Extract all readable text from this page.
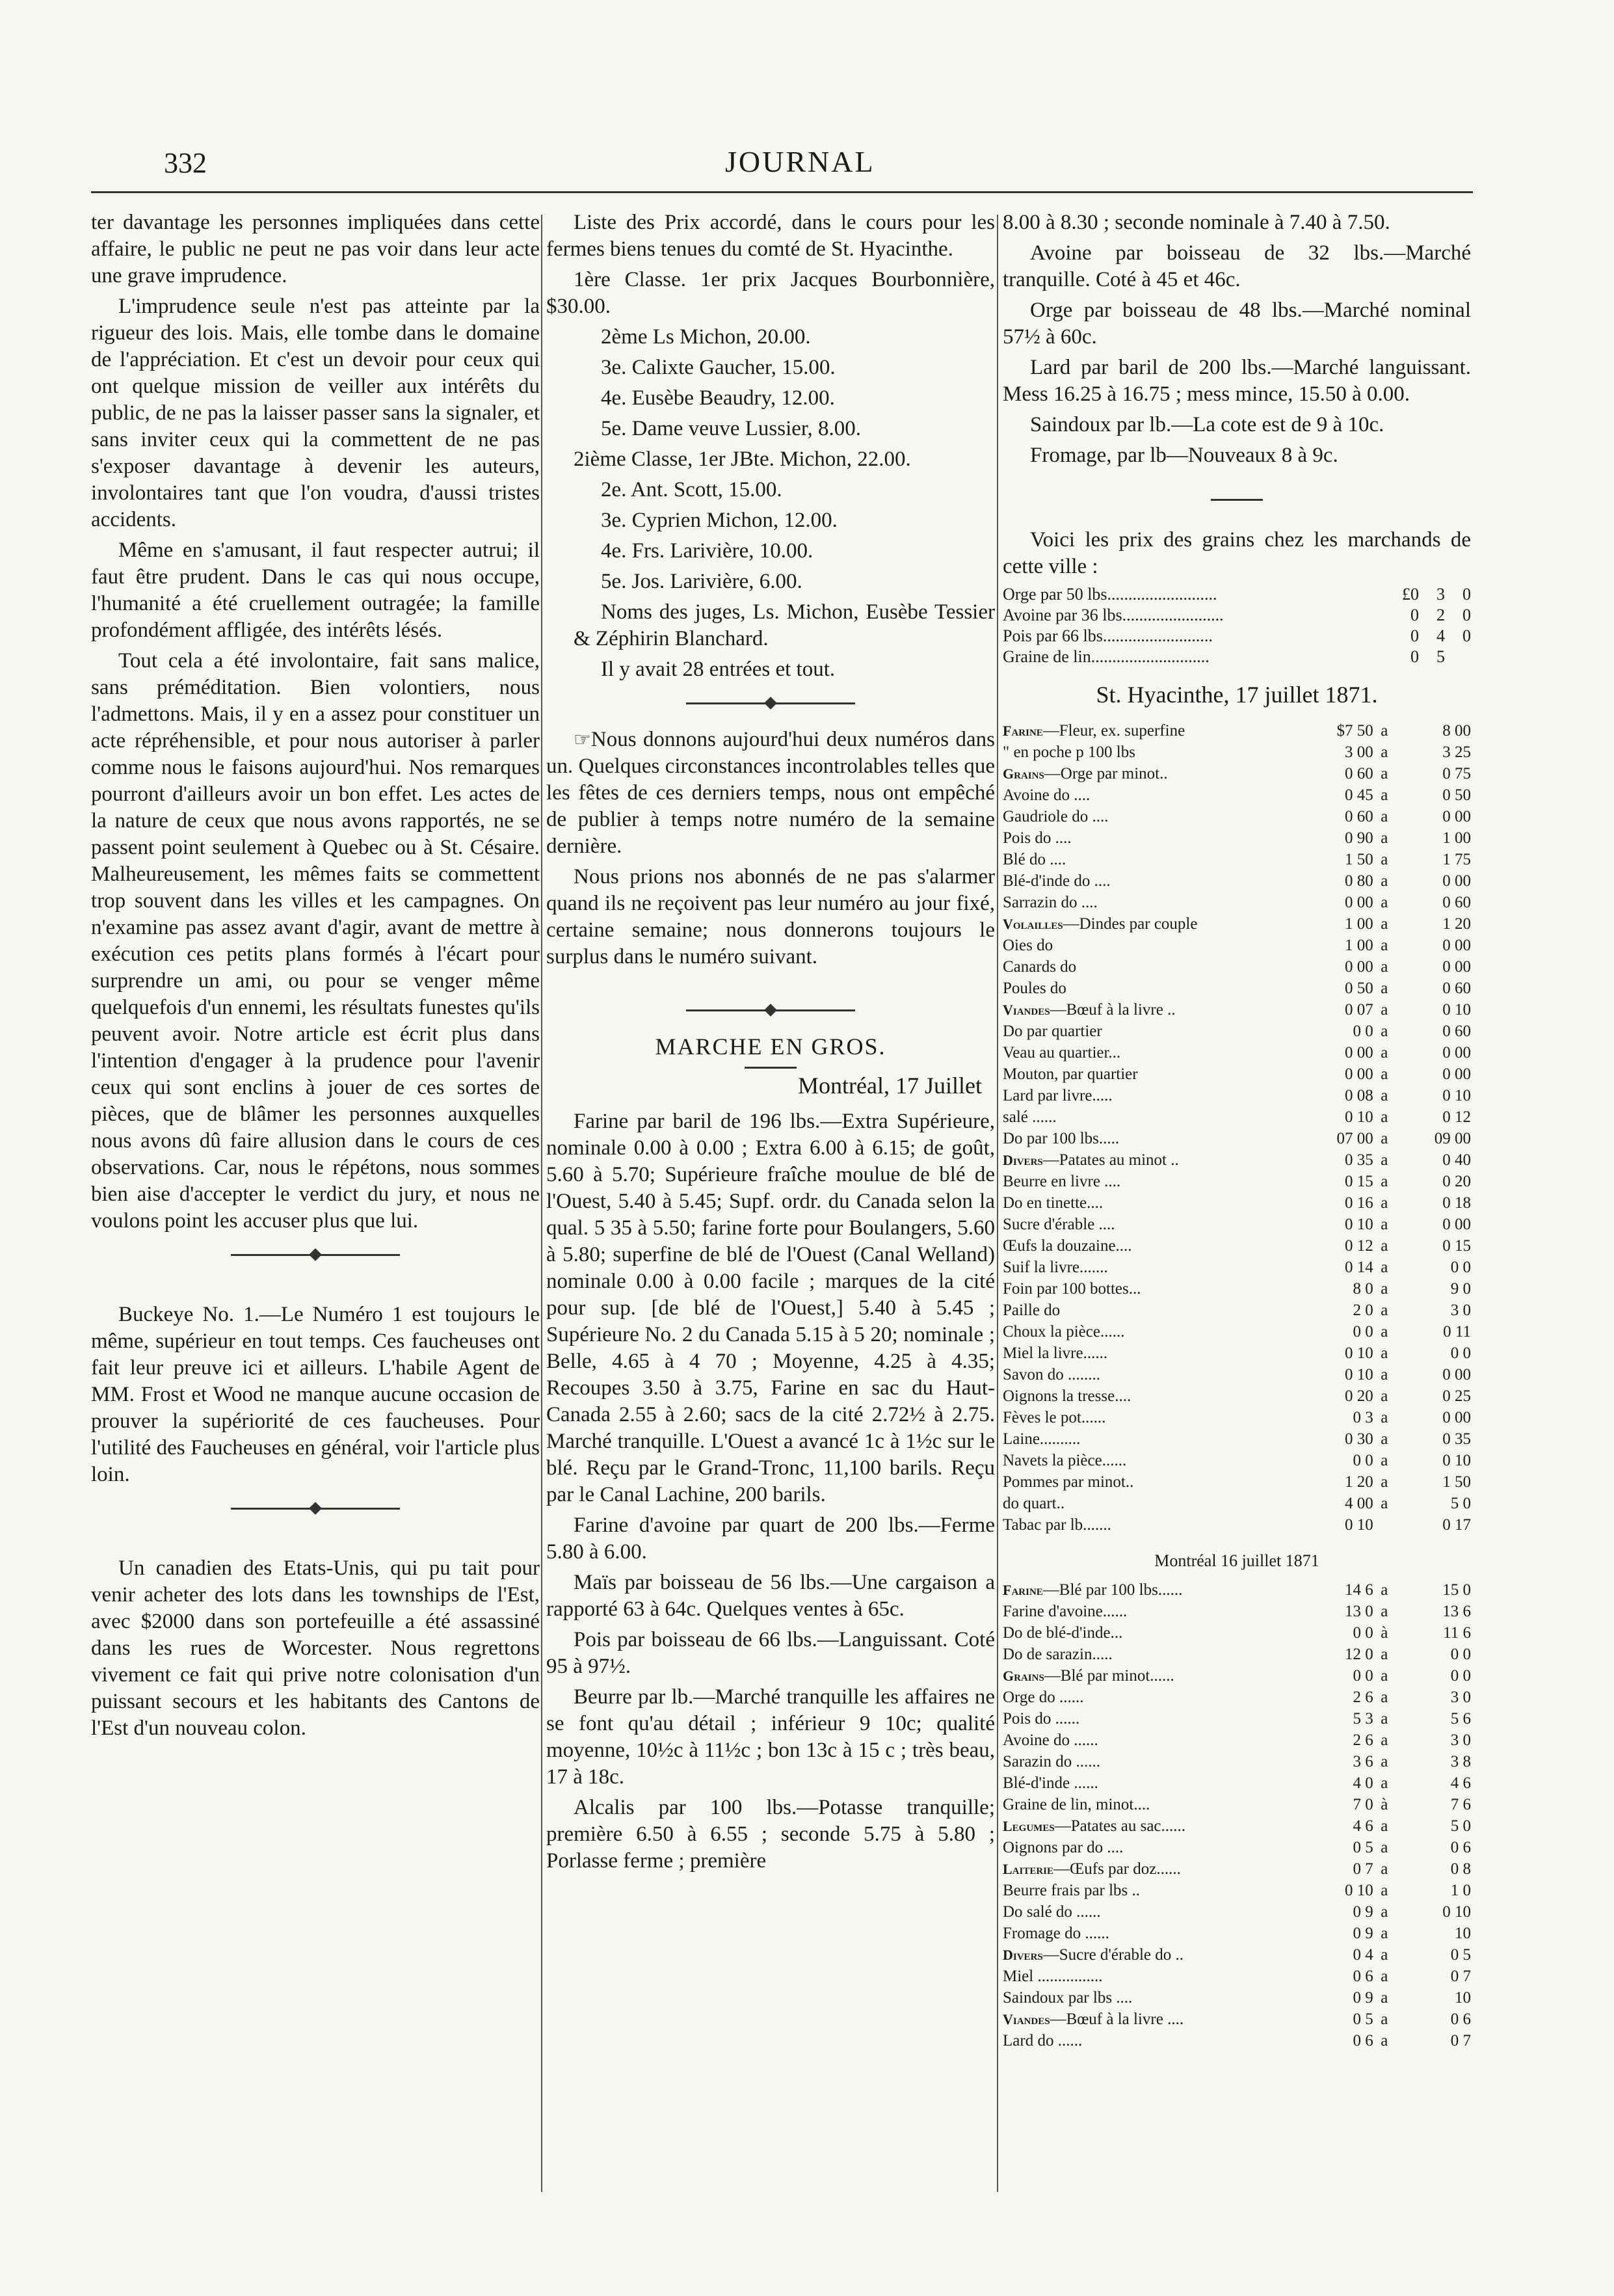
332	JOURNAL

ter davantage les personnes impliquées dans cette affaire, le public ne peut ne pas voir dans leur acte une grave imprudence.

L'imprudence seule n'est pas atteinte par la rigueur des lois. Mais, elle tombe dans le domaine de l'appréciation. Et c'est un devoir pour ceux qui ont quelque mission de veiller aux intérêts du public, de ne pas la laisser passer sans la signaler, et sans inviter ceux qui la commettent de ne pas s'exposer davantage à devenir les auteurs, involontaires tant que l'on voudra, d'aussi tristes accidents.

Même en s'amusant, il faut respecter autrui; il faut être prudent. Dans le cas qui nous occupe, l'humanité a été cruellement outragée; la famille profondément affligée, des intérêts lésés.

Tout cela a été involontaire, fait sans malice, sans préméditation. Bien volontiers, nous l'admettons. Mais, il y en a assez pour constituer un acte répréhensible, et pour nous autoriser à parler comme nous le faisons aujourd'hui. Nos remarques pourront d'ailleurs avoir un bon effet. Les actes de la nature de ceux que nous avons rapportés, ne se passent point seulement à Quebec ou à St. Césaire. Malheureusement, les mêmes faits se commettent trop souvent dans les villes et les campagnes. On n'examine pas assez avant d'agir, avant de mettre à exécution ces petits plans formés à l'écart pour surprendre un ami, ou pour se venger même quelquefois d'un ennemi, les résultats funestes qu'ils peuvent avoir. Notre article est écrit plus dans l'intention d'engager à la prudence pour l'avenir ceux qui sont enclins à jouer de ces sortes de pièces, que de blâmer les personnes auxquelles nous avons dû faire allusion dans le cours de ces observations. Car, nous le répétons, nous sommes bien aise d'accepter le verdict du jury, et nous ne voulons point les accuser plus que lui.

Buckeye No. 1.—Le Numéro 1 est toujours le même, supérieur en tout temps. Ces faucheuses ont fait leur preuve ici et ailleurs. L'habile Agent de MM. Frost et Wood ne manque aucune occasion de prouver la supériorité de ces faucheuses. Pour l'utilité des Faucheuses en général, voir l'article plus loin.

Un canadien des Etats-Unis, qui pu tait pour venir acheter des lots dans les townships de l'Est, avec $2000 dans son portefeuille a été assassiné dans les rues de Worcester. Nous regrettons vivement ce fait qui prive notre colonisation d'un puissant secours et les habitants des Cantons de l'Est d'un nouveau colon.

Liste des Prix accordé, dans le cours pour les fermes biens tenues du comté de St. Hyacinthe.

1ère Classe. 1er prix Jacques Bourbonnière, $30.00.

2ème Ls Michon, 20.00.

3e. Calixte Gaucher, 15.00.

4e. Eusèbe Beaudry, 12.00.

5e. Dame veuve Lussier, 8.00.

2ième Classe, 1er JBte. Michon, 22.00.

2e. Ant. Scott, 15.00.

3e. Cyprien Michon, 12.00.

4e. Frs. Larivière, 10.00.

5e. Jos. Larivière, 6.00.

Noms des juges, Ls. Michon, Eusèbe Tessier & Zéphirin Blanchard.

Il y avait 28 entrées et tout.

☞Nous donnons aujourd'hui deux numéros dans un. Quelques circonstances incontrolables telles que les fêtes de ces derniers temps, nous ont empêché de publier à temps notre numéro de la semaine dernière.

Nous prions nos abonnés de ne pas s'alarmer quand ils ne reçoivent pas leur numéro au jour fixé, certaine semaine; nous donnerons toujours le surplus dans le numéro suivant.

MARCHE EN GROS.
Montréal, 17 Juillet

Farine par baril de 196 lbs.—Extra Supérieure, nominale 0.00 à 0.00 ; Extra 6.00 à 6.15; de goût, 5.60 à 5.70; Supérieure fraîche moulue de blé de l'Ouest, 5.40 à 5.45; Supf. ordr. du Canada selon la qual. 5 35 à 5.50; farine forte pour Boulangers, 5.60 à 5.80; superfine de blé de l'Ouest (Canal Welland) nominale 0.00 à 0.00 facile ; marques de la cité pour sup. [de blé de l'Ouest,] 5.40 à 5.45 ; Supérieure No. 2 du Canada 5.15 à 5 20; nominale ; Belle, 4.65 à 4 70 ; Moyenne, 4.25 à 4.35; Recoupes 3.50 à 3.75, Farine en sac du Haut-Canada 2.55 à 2.60; sacs de la cité 2.72½ à 2.75. Marché tranquille. L'Ouest a avancé 1c à 1½c sur le blé. Reçu par le Grand-Tronc, 11,100 barils. Reçu par le Canal Lachine, 200 barils.

Farine d'avoine par quart de 200 lbs.—Ferme 5.80 à 6.00.

Maïs par boisseau de 56 lbs.—Une cargaison a rapporté 63 à 64c. Quelques ventes à 65c.

Pois par boisseau de 66 lbs.—Languissant. Coté 95 à 97½.

Beurre par lb.—Marché tranquille les affaires ne se font qu'au détail ; inférieur 9 10c; qualité moyenne, 10½c à 11½c ; bon 13c à 15 c ; très beau, 17 à 18c.

Alcalis par 100 lbs.—Potasse tranquille; première 6.50 à 6.55 ; seconde 5.75 à 5.80 ; Porlasse ferme ; première

8.00 à 8.30 ; seconde nominale à 7.40 à 7.50.

Avoine par boisseau de 32 lbs.—Marché tranquille. Coté à 45 et 46c.

Orge par boisseau de 48 lbs.—Marché nominal 57½ à 60c.

Lard par baril de 200 lbs.—Marché languissant. Mess 16.25 à 16.75 ; mess mince, 15.50 à 0.00.

Saindoux par lb.—La cote est de 9 à 10c.

Fromage, par lb—Nouveaux 8 à 9c.

Voici les prix des grains chez les marchands de cette ville :

Orge par 50 lbs..........................	£0	3	0
Avoine par 36 lbs........................	0	2	0
Pois par 66 lbs..........................	0	4	0
Graine de lin............................	0	5	
St. Hyacinthe, 17 juillet 1871.
Farine—Fleur, ex. superfine	$7 50	a	8 00
" en poche p 100 lbs	3 00	a	3 25
Grains—Orge par minot..	0 60	a	0 75
Avoine do ....	0 45	a	0 50
Gaudriole do ....	0 60	a	0 00
Pois do ....	0 90	a	1 00
Blé do ....	1 50	a	1 75
Blé-d'inde do ....	0 80	a	0 00
Sarrazin do ....	0 00	a	0 60
Volailles—Dindes par couple	1 00	a	1 20
Oies do	1 00	a	0 00
Canards do	0 00	a	0 00
Poules do	0 50	a	0 60
Viandes—Bœuf à la livre ..	0 07	a	0 10
Do par quartier	0 0	a	0 60
Veau au quartier...	0 00	a	0 00
Mouton, par quartier	0 00	a	0 00
Lard par livre.....	0 08	a	0 10
salé ......	0 10	a	0 12
Do par 100 lbs.....	07 00	a	09 00
Divers—Patates au minot ..	0 35	a	0 40
Beurre en livre ....	0 15	a	0 20
Do en tinette....	0 16	a	0 18
Sucre d'érable ....	0 10	a	0 00
Œufs la douzaine....	0 12	a	0 15
Suif la livre.......	0 14	a	0 0
Foin par 100 bottes...	8 0	a	9 0
Paille do	2 0	a	3 0
Choux la pièce......	0 0	a	0 11
Miel la livre......	0 10	a	0 0
Savon do ........	0 10	a	0 00
Oignons la tresse....	0 20	a	0 25
Fèves le pot......	0 3	a	0 00
Laine..........	0 30	a	0 35
Navets la pièce......	0 0	a	0 10
Pommes par minot..	1 20	a	1 50
do quart..	4 00	a	5 0
Tabac par lb.......	0 10		0 17
Montréal 16 juillet 1871
Farine—Blé par 100 lbs......	14 6	a	15 0
Farine d'avoine......	13 0	a	13 6
Do de blé-d'inde...	0 0	à	11 6
Do de sarazin.....	12 0	a	0 0
Grains—Blé par minot......	0 0	a	0 0
Orge do ......	2 6	a	3 0
Pois do ......	5 3	a	5 6
Avoine do ......	2 6	a	3 0
Sarazin do ......	3 6	a	3 8
Blé-d'inde ......	4 0	a	4 6
Graine de lin, minot....	7 0	à	7 6
Legumes—Patates au sac......	4 6	a	5 0
Oignons par do ....	0 5	a	0 6
Laiterie—Œufs par doz......	0 7	a	0 8
Beurre frais par lbs ..	0 10	a	1 0
Do salé do ......	0 9	a	0 10
Fromage do ......	0 9	a	10
Divers—Sucre d'érable do ..	0 4	a	0 5
Miel ................	0 6	a	0 7
Saindoux par lbs ....	0 9	a	10
Viandes—Bœuf à la livre ....	0 5	a	0 6
Lard do ......	0 6	a	0 7
